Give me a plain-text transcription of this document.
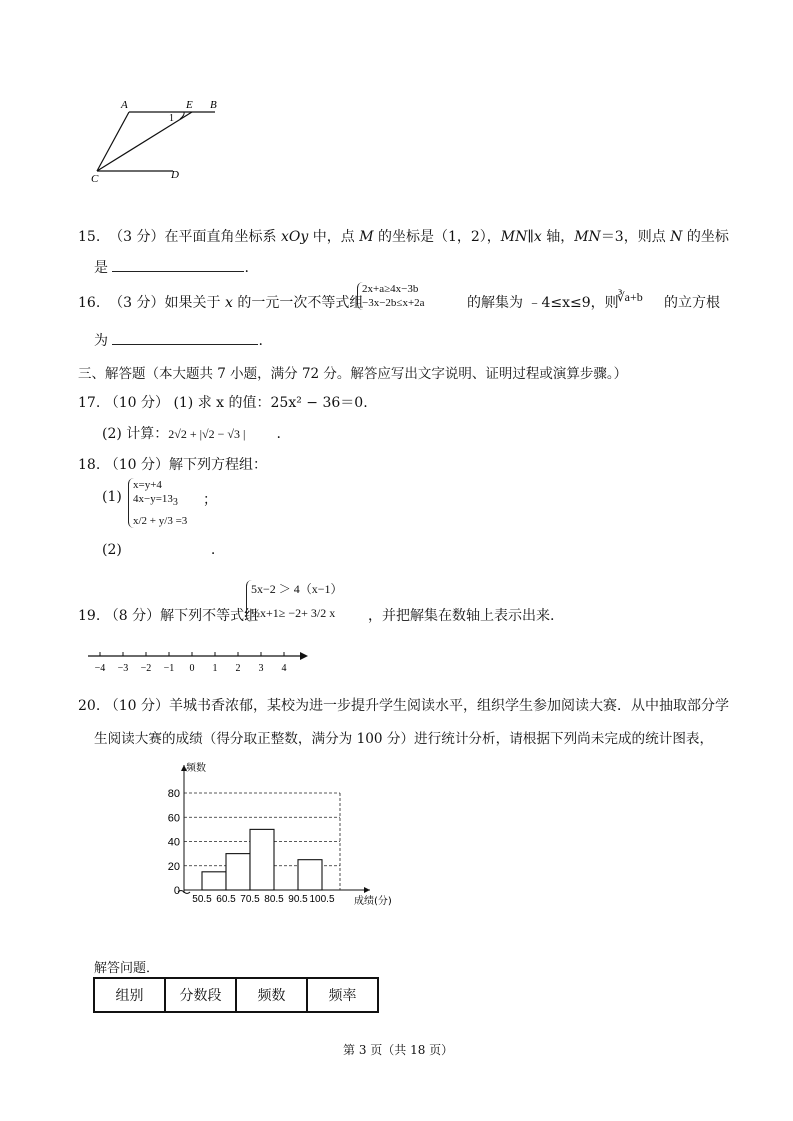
A	E B
C	D
1
15. （3 分）在平面直角坐标系 xOy 中，点 M 的坐标是（1，2），MN∥x 轴，MN＝3，则点 N 的坐标
是	.
16. （3 分）如果关于 x 的一元一次不等式组
2x+a≥4x−3b
−3x−2b≤x+2a	的解集为 ﹣4≤x≤9，则
∛a+b 的立方根
为	.
三、解答题（本大题共 7 小题，满分 72 分。解答应写出文字说明、证明过程或演算步骤。）
17. （10 分） (1) 求 x 的值：25x² − 36＝0.
(2) 计算：2√2 + |√2 − √3 | .
18. （10 分）解下列方程组：
(1)
x=y+4
$4x-y=13_3$
x/2 + y/3 =3
；
(2)	.
19. （8 分）解下列不等式组
5x−2 ＞ 4（x−1）
½x+1≥ −2+ 3/2 x	，并把解集在数轴上表示出来.
−4 −3 −2 −1 0 1 2 3 4
20. （10 分）羊城书香浓郁，某校为进一步提升学生阅读水平，组织学生参加阅读大赛．从中抽取部分学
生阅读大赛的成绩（得分取正整数，满分为 100 分）进行统计分析，请根据下列尚未完成的统计图表，
频数
0
20
40
60
80
50.5 60.5 70.5 80.5 90.5 100.5 成绩(分)
解答问题．
组别	分数段	频数	频率
第 3 页（共 18 页）
